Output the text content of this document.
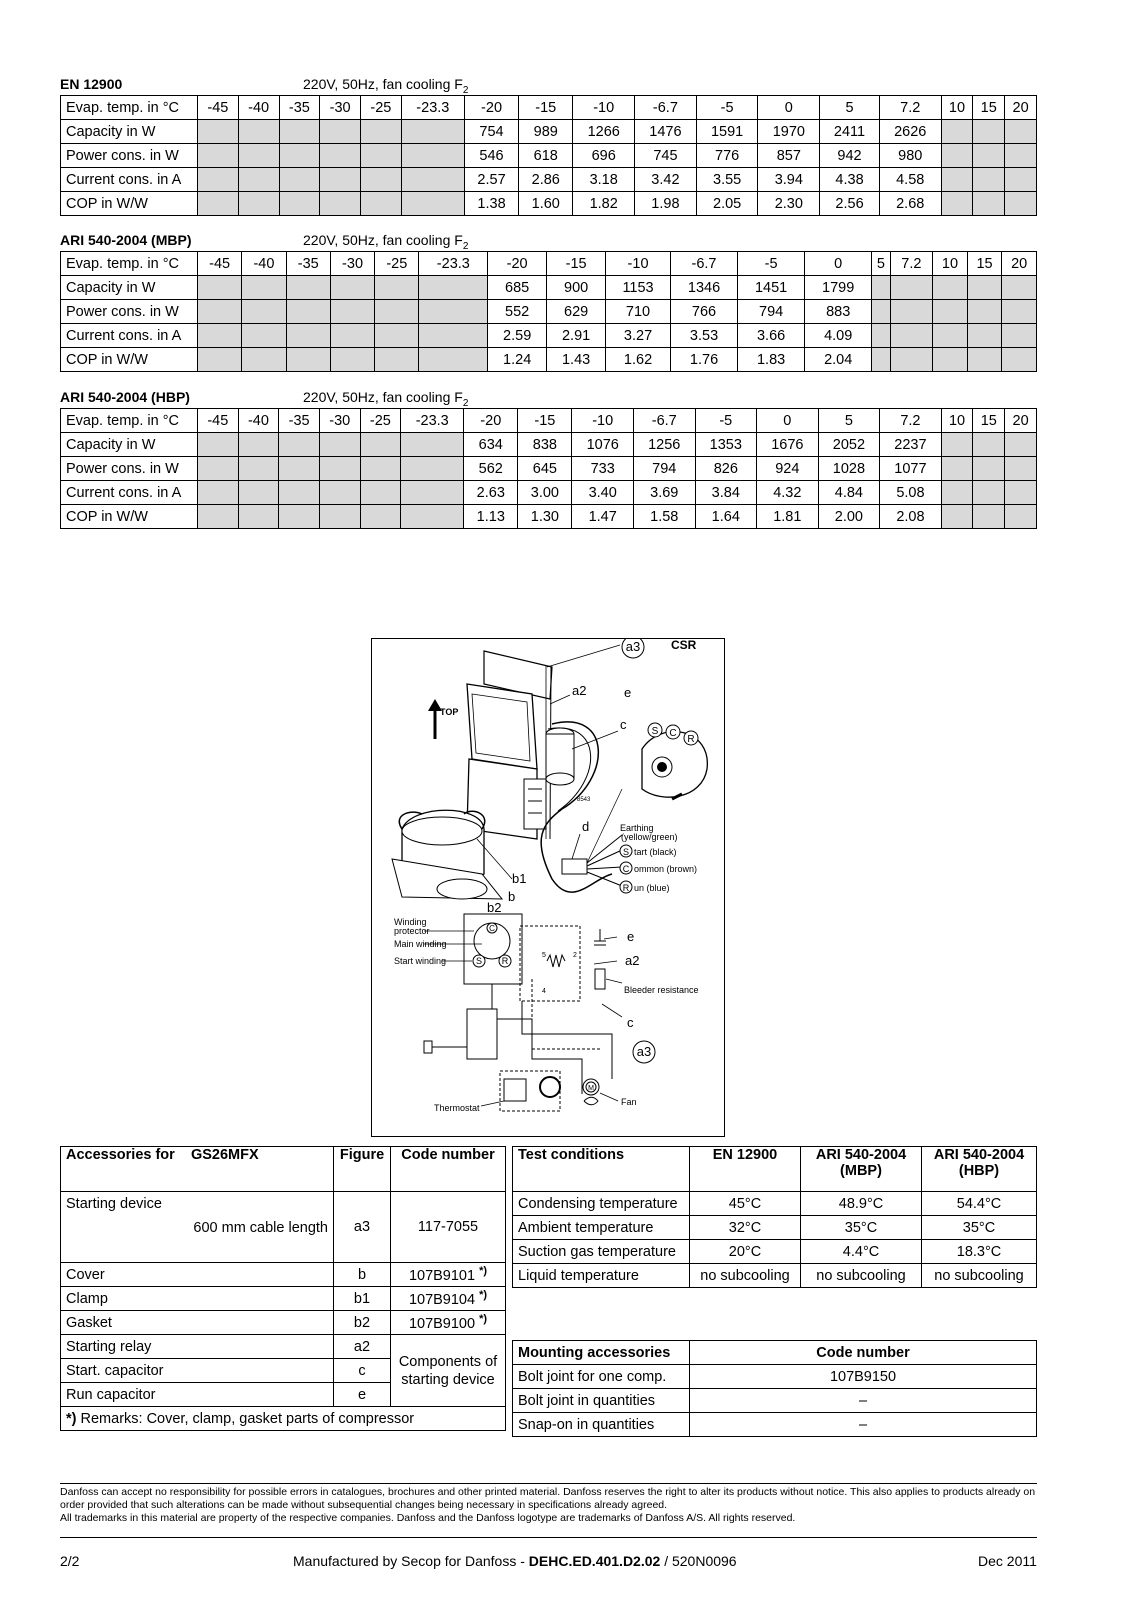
EN 12900	220V, 50Hz, fan cooling $F_2$
Evap. temp. in °C	-45	-40	-35	-30	-25	-23.3	-20	-15	-10	-6.7	-5	0	5	7.2	10	15	20
Capacity in W							754	989	1266	1476	1591	1970	2411	2626			
Power cons. in W							546	618	696	745	776	857	942	980			
Current cons. in A							2.57	2.86	3.18	3.42	3.55	3.94	4.38	4.58			
COP in W/W							1.38	1.60	1.82	1.98	2.05	2.30	2.56	2.68			
ARI 540-2004 (MBP)	220V, 50Hz, fan cooling $F_2$
Evap. temp. in °C	-45	-40	-35	-30	-25	-23.3	-20	-15	-10	-6.7	-5	0	5	7.2	10	15	20
Capacity in W							685	900	1153	1346	1451	1799					
Power cons. in W							552	629	710	766	794	883					
Current cons. in A							2.59	2.91	3.27	3.53	3.66	4.09					
COP in W/W							1.24	1.43	1.62	1.76	1.83	2.04					
ARI 540-2004 (HBP)	220V, 50Hz, fan cooling $F_2$
Evap. temp. in °C	-45	-40	-35	-30	-25	-23.3	-20	-15	-10	-6.7	-5	0	5	7.2	10	15	20
Capacity in W							634	838	1076	1256	1353	1676	2052	2237			
Power cons. in W							562	645	733	794	826	924	1028	1077			
Current cons. in A							2.63	3.00	3.40	3.69	3.84	4.32	4.84	5.08			
COP in W/W							1.13	1.30	1.47	1.58	1.64	1.81	2.00	2.08			
a3	CSR
TOP
a2	e
c	S C
R
8543
d	Earthing
(yellow/green)
tart (black)
ommon (brown)
un (blue)
S
C
R
b1
b
b2
Winding
protector
Main winding
Start winding
C
S R
5	2
4
e
a2
Bleeder resistance
c
a3
Thermostat
Fan
M
Accessories for GS26MFX	Figure	Code number

Starting device
600 mm cable length	a3	117-7055
Cover	b	107B9101 *)
Clamp	b1	107B9104 *)
Gasket	b2	107B9100 *)
Starting relay	a2	Components of starting device
Start. capacitor	c	
Run capacitor	e	
*) Remarks: Cover, clamp, gasket parts of compressor		
Test conditions	EN 12900	ARI 540-2004 (MBP)	ARI 540-2004 (HBP)
Condensing temperature	45°C	48.9°C	54.4°C
Ambient temperature	32°C	35°C	35°C
Suction gas temperature	20°C	4.4°C	18.3°C
Liquid temperature	no subcooling	no subcooling	no subcooling
Mounting accessories	Code number
Bolt joint for one comp.	107B9150
Bolt joint in quantities	–
Snap-on in quantities	–
Danfoss can accept no responsibility for possible errors in catalogues, brochures and other printed material. Danfoss reserves the right to alter its products without notice. This also applies to products already on order provided that such alterations can be made without subsequential changes being necessary in specifications already agreed.
All trademarks in this material are property of the respective companies. Danfoss and the Danfoss logotype are trademarks of Danfoss A/S. All rights reserved.
2/2	Manufactured by Secop for Danfoss - DEHC.ED.401.D2.02 / 520N0096	Dec 2011
